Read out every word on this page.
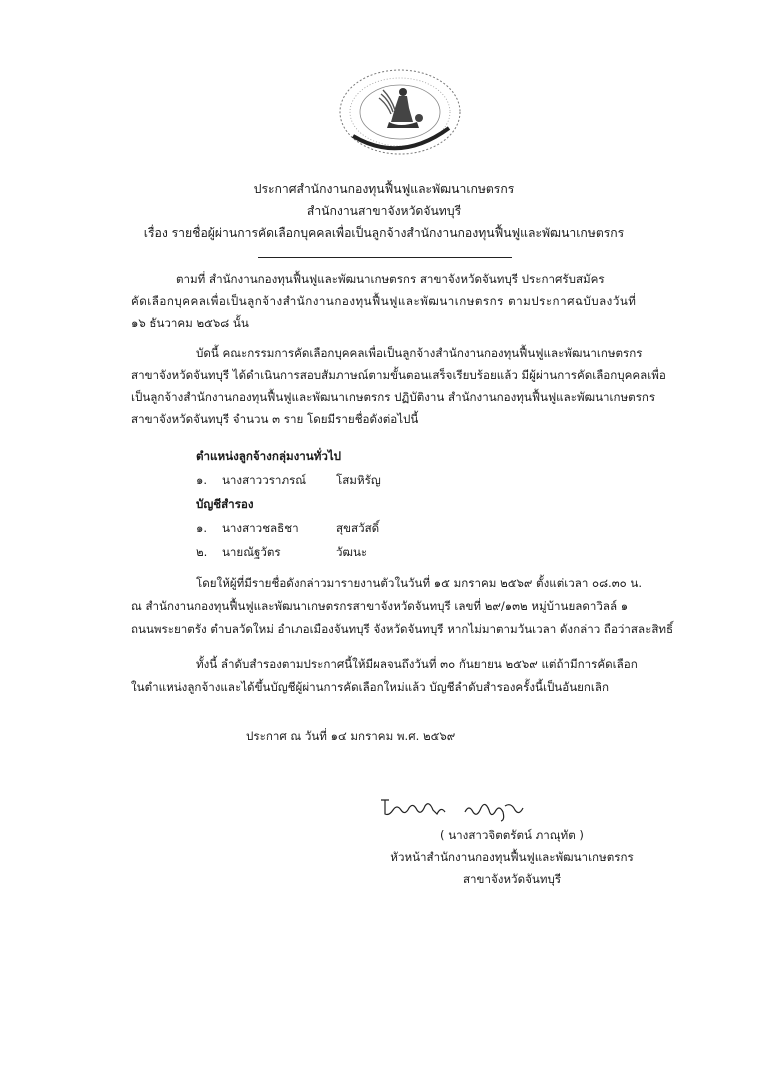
ประกาศสำนักงานกองทุนฟื้นฟูและพัฒนาเกษตรกร
สำนักงานสาขาจังหวัดจันทบุรี
เรื่อง รายชื่อผู้ผ่านการคัดเลือกบุคคลเพื่อเป็นลูกจ้างสำนักงานกองทุนฟื้นฟูและพัฒนาเกษตรกร
ตามที่ สำนักงานกองทุนฟื้นฟูและพัฒนาเกษตรกร สาขาจังหวัดจันทบุรี ประกาศรับสมัคร
คัดเลือกบุคคลเพื่อเป็นลูกจ้างสำนักงานกองทุนฟื้นฟูและพัฒนาเกษตรกร ตามประกาศฉบับลงวันที่
๑๖ ธันวาคม ๒๕๖๘ นั้น
บัดนี้ คณะกรรมการคัดเลือกบุคคลเพื่อเป็นลูกจ้างสำนักงานกองทุนฟื้นฟูและพัฒนาเกษตรกร
สาขาจังหวัดจันทบุรี ได้ดำเนินการสอบสัมภาษณ์ตามขั้นตอนเสร็จเรียบร้อยแล้ว มีผู้ผ่านการคัดเลือกบุคคลเพื่อ
เป็นลูกจ้างสำนักงานกองทุนฟื้นฟูและพัฒนาเกษตรกร ปฏิบัติงาน สำนักงานกองทุนฟื้นฟูและพัฒนาเกษตรกร
สาขาจังหวัดจันทบุรี จำนวน ๓ ราย โดยมีรายชื่อดังต่อไปนี้
ตำแหน่งลูกจ้างกลุ่มงานทั่วไป
๑. นางสาววราภรณ์	โสมหิรัญ
บัญชีสำรอง
๑. นางสาวชลธิชา	สุขสวัสดิ์
๒. นายณัฐวัตร	วัฒนะ
โดยให้ผู้ที่มีรายชื่อดังกล่าวมารายงานตัวในวันที่ ๑๕ มกราคม ๒๕๖๙ ตั้งแต่เวลา ๐๘.๓๐ น.
ณ สำนักงานกองทุนฟื้นฟูและพัฒนาเกษตรกรสาขาจังหวัดจันทบุรี เลขที่ ๒๙/๑๓๒ หมู่บ้านยลดาวิลล์ ๑
ถนนพระยาตรัง ตำบลวัดใหม่ อำเภอเมืองจันทบุรี จังหวัดจันทบุรี หากไม่มาตามวันเวลา ดังกล่าว ถือว่าสละสิทธิ์
ทั้งนี้ ลำดับสำรองตามประกาศนี้ให้มีผลจนถึงวันที่ ๓๐ กันยายน ๒๕๖๙ แต่ถ้ามีการคัดเลือก
ในตำแหน่งลูกจ้างและได้ขึ้นบัญชีผู้ผ่านการคัดเลือกใหม่แล้ว บัญชีลำดับสำรองครั้งนี้เป็นอันยกเลิก
ประกาศ ณ วันที่ ๑๔ มกราคม พ.ศ. ๒๕๖๙
( นางสาวจิตตรัตน์ ภาณุทัต )
หัวหน้าสำนักงานกองทุนฟื้นฟูและพัฒนาเกษตรกร
สาขาจังหวัดจันทบุรี
